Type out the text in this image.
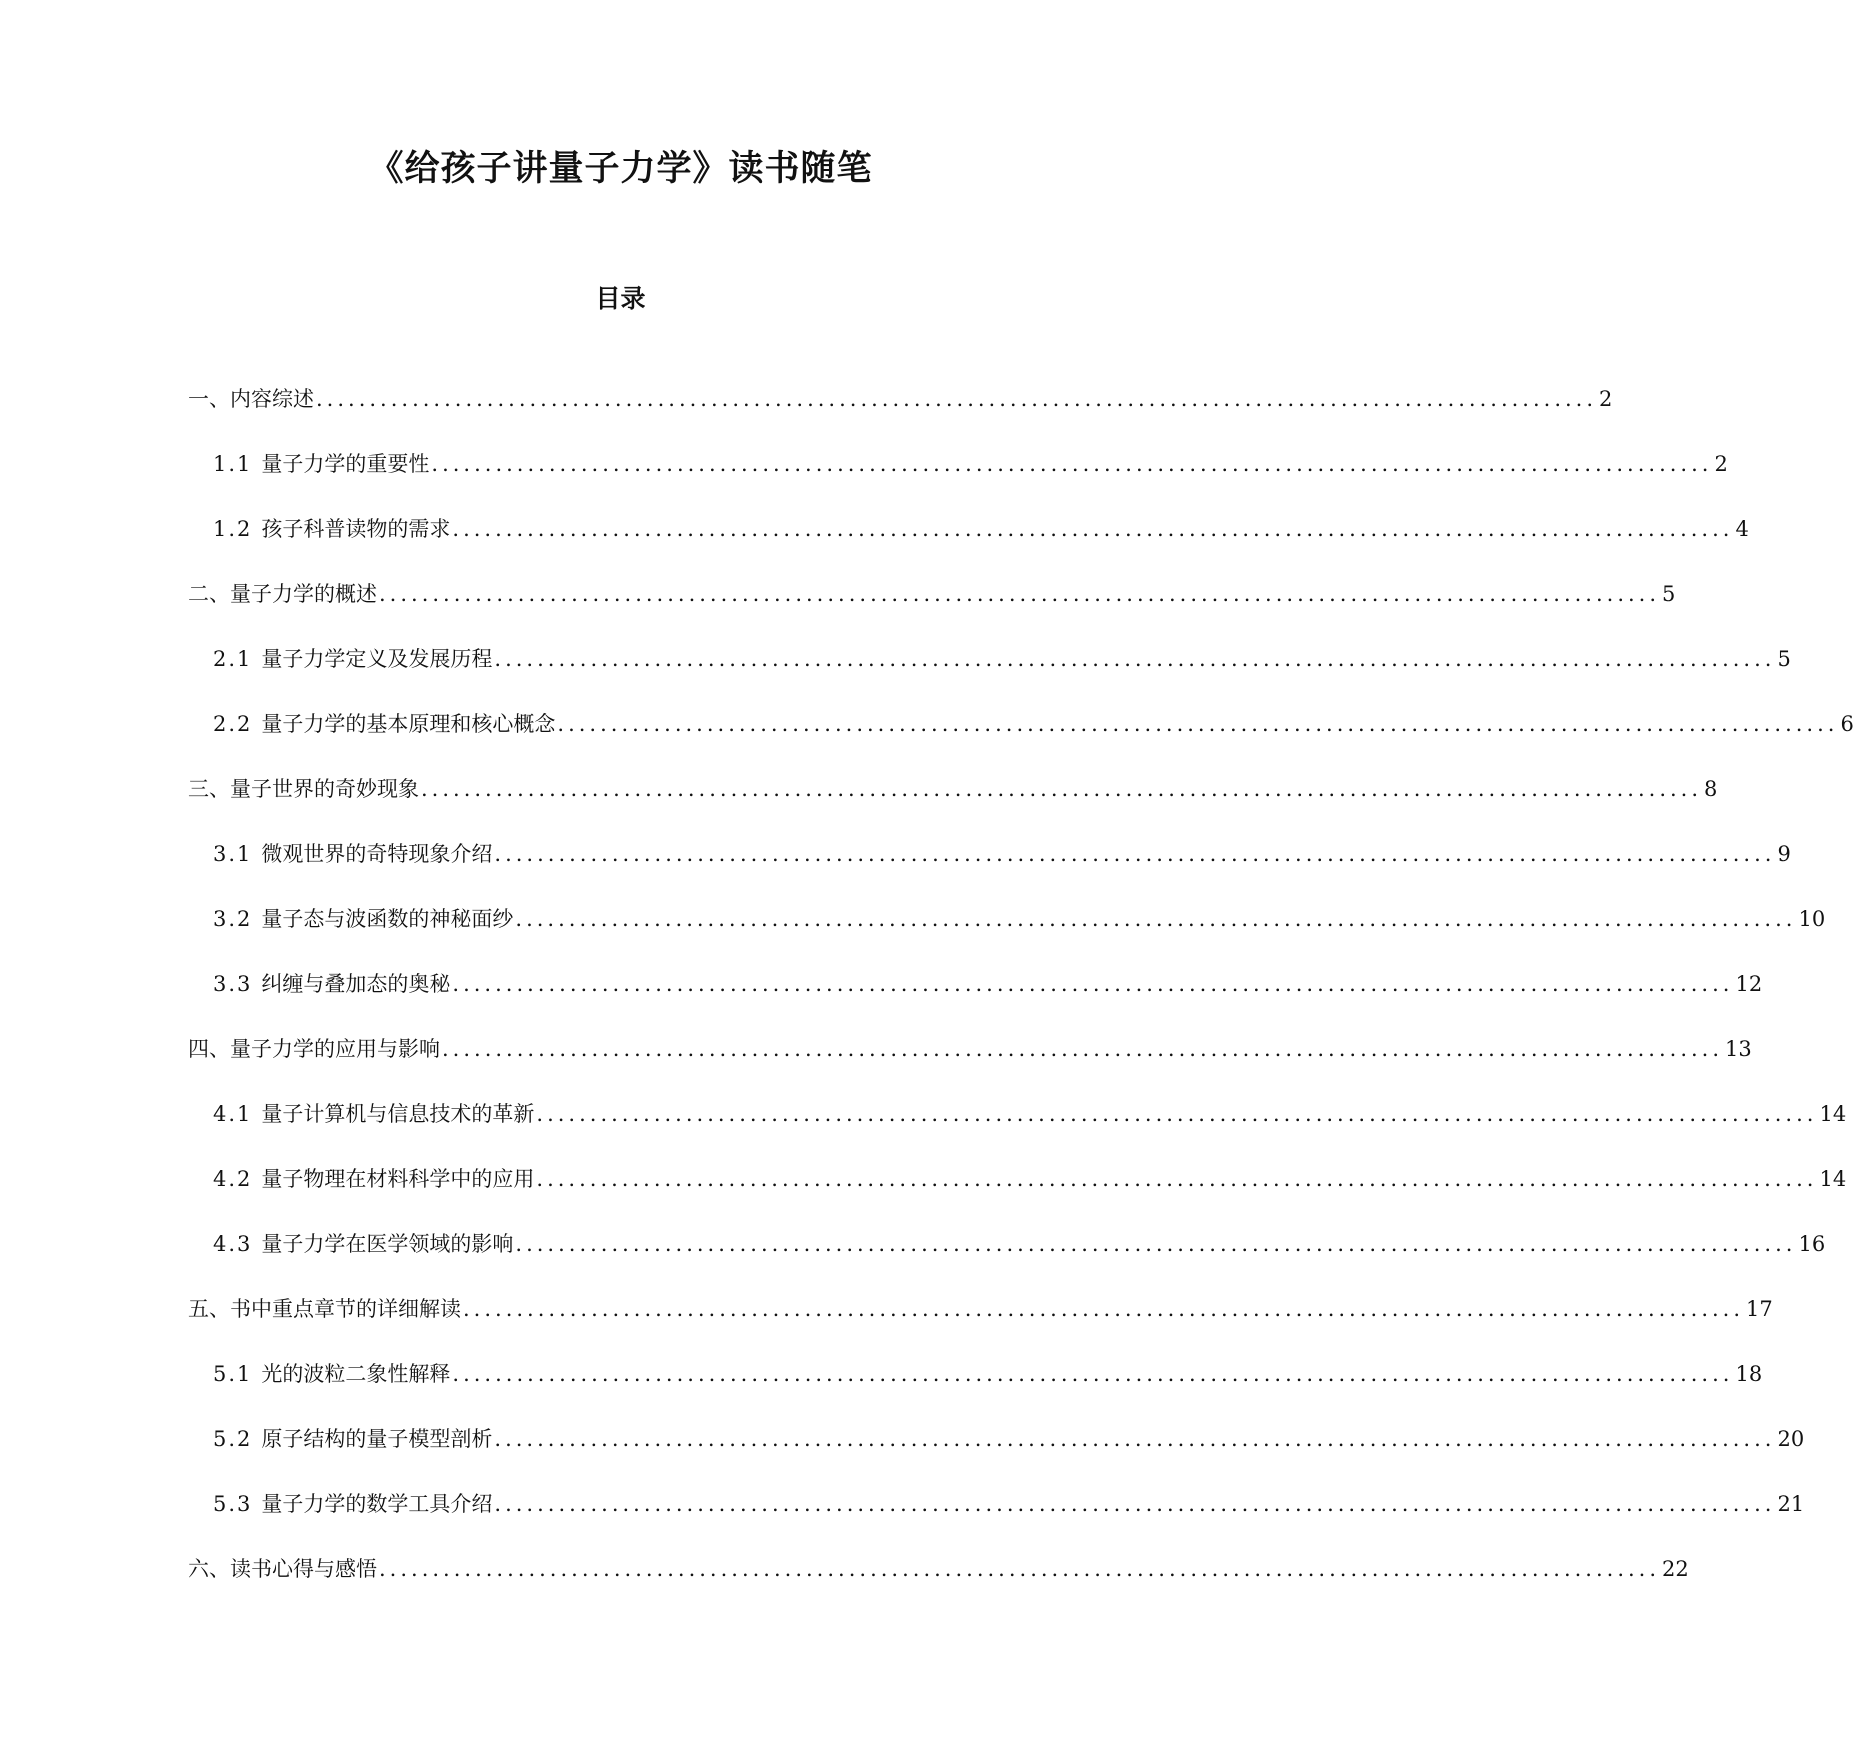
《给孩子讲量子力学》读书随笔
目录
一、内容综述 ........................................................................................................................ 2
1.1 量子力学的重要性 ........................................................................................................................ 2
1.2 孩子科普读物的需求 ........................................................................................................................ 4
二、量子力学的概述 ........................................................................................................................ 5
2.1 量子力学定义及发展历程 ........................................................................................................................ 5
2.2 量子力学的基本原理和核心概念 ........................................................................................................................ 6
三、量子世界的奇妙现象 ........................................................................................................................ 8
3.1 微观世界的奇特现象介绍 ........................................................................................................................ 9
3.2 量子态与波函数的神秘面纱 ........................................................................................................................ 10
3.3 纠缠与叠加态的奥秘 ........................................................................................................................ 12
四、量子力学的应用与影响 ........................................................................................................................ 13
4.1 量子计算机与信息技术的革新 ........................................................................................................................ 14
4.2 量子物理在材料科学中的应用 ........................................................................................................................ 14
4.3 量子力学在医学领域的影响 ........................................................................................................................ 16
五、书中重点章节的详细解读 ........................................................................................................................ 17
5.1 光的波粒二象性解释 ........................................................................................................................ 18
5.2 原子结构的量子模型剖析 ........................................................................................................................ 20
5.3 量子力学的数学工具介绍 ........................................................................................................................ 21
六、读书心得与感悟 ........................................................................................................................ 22
